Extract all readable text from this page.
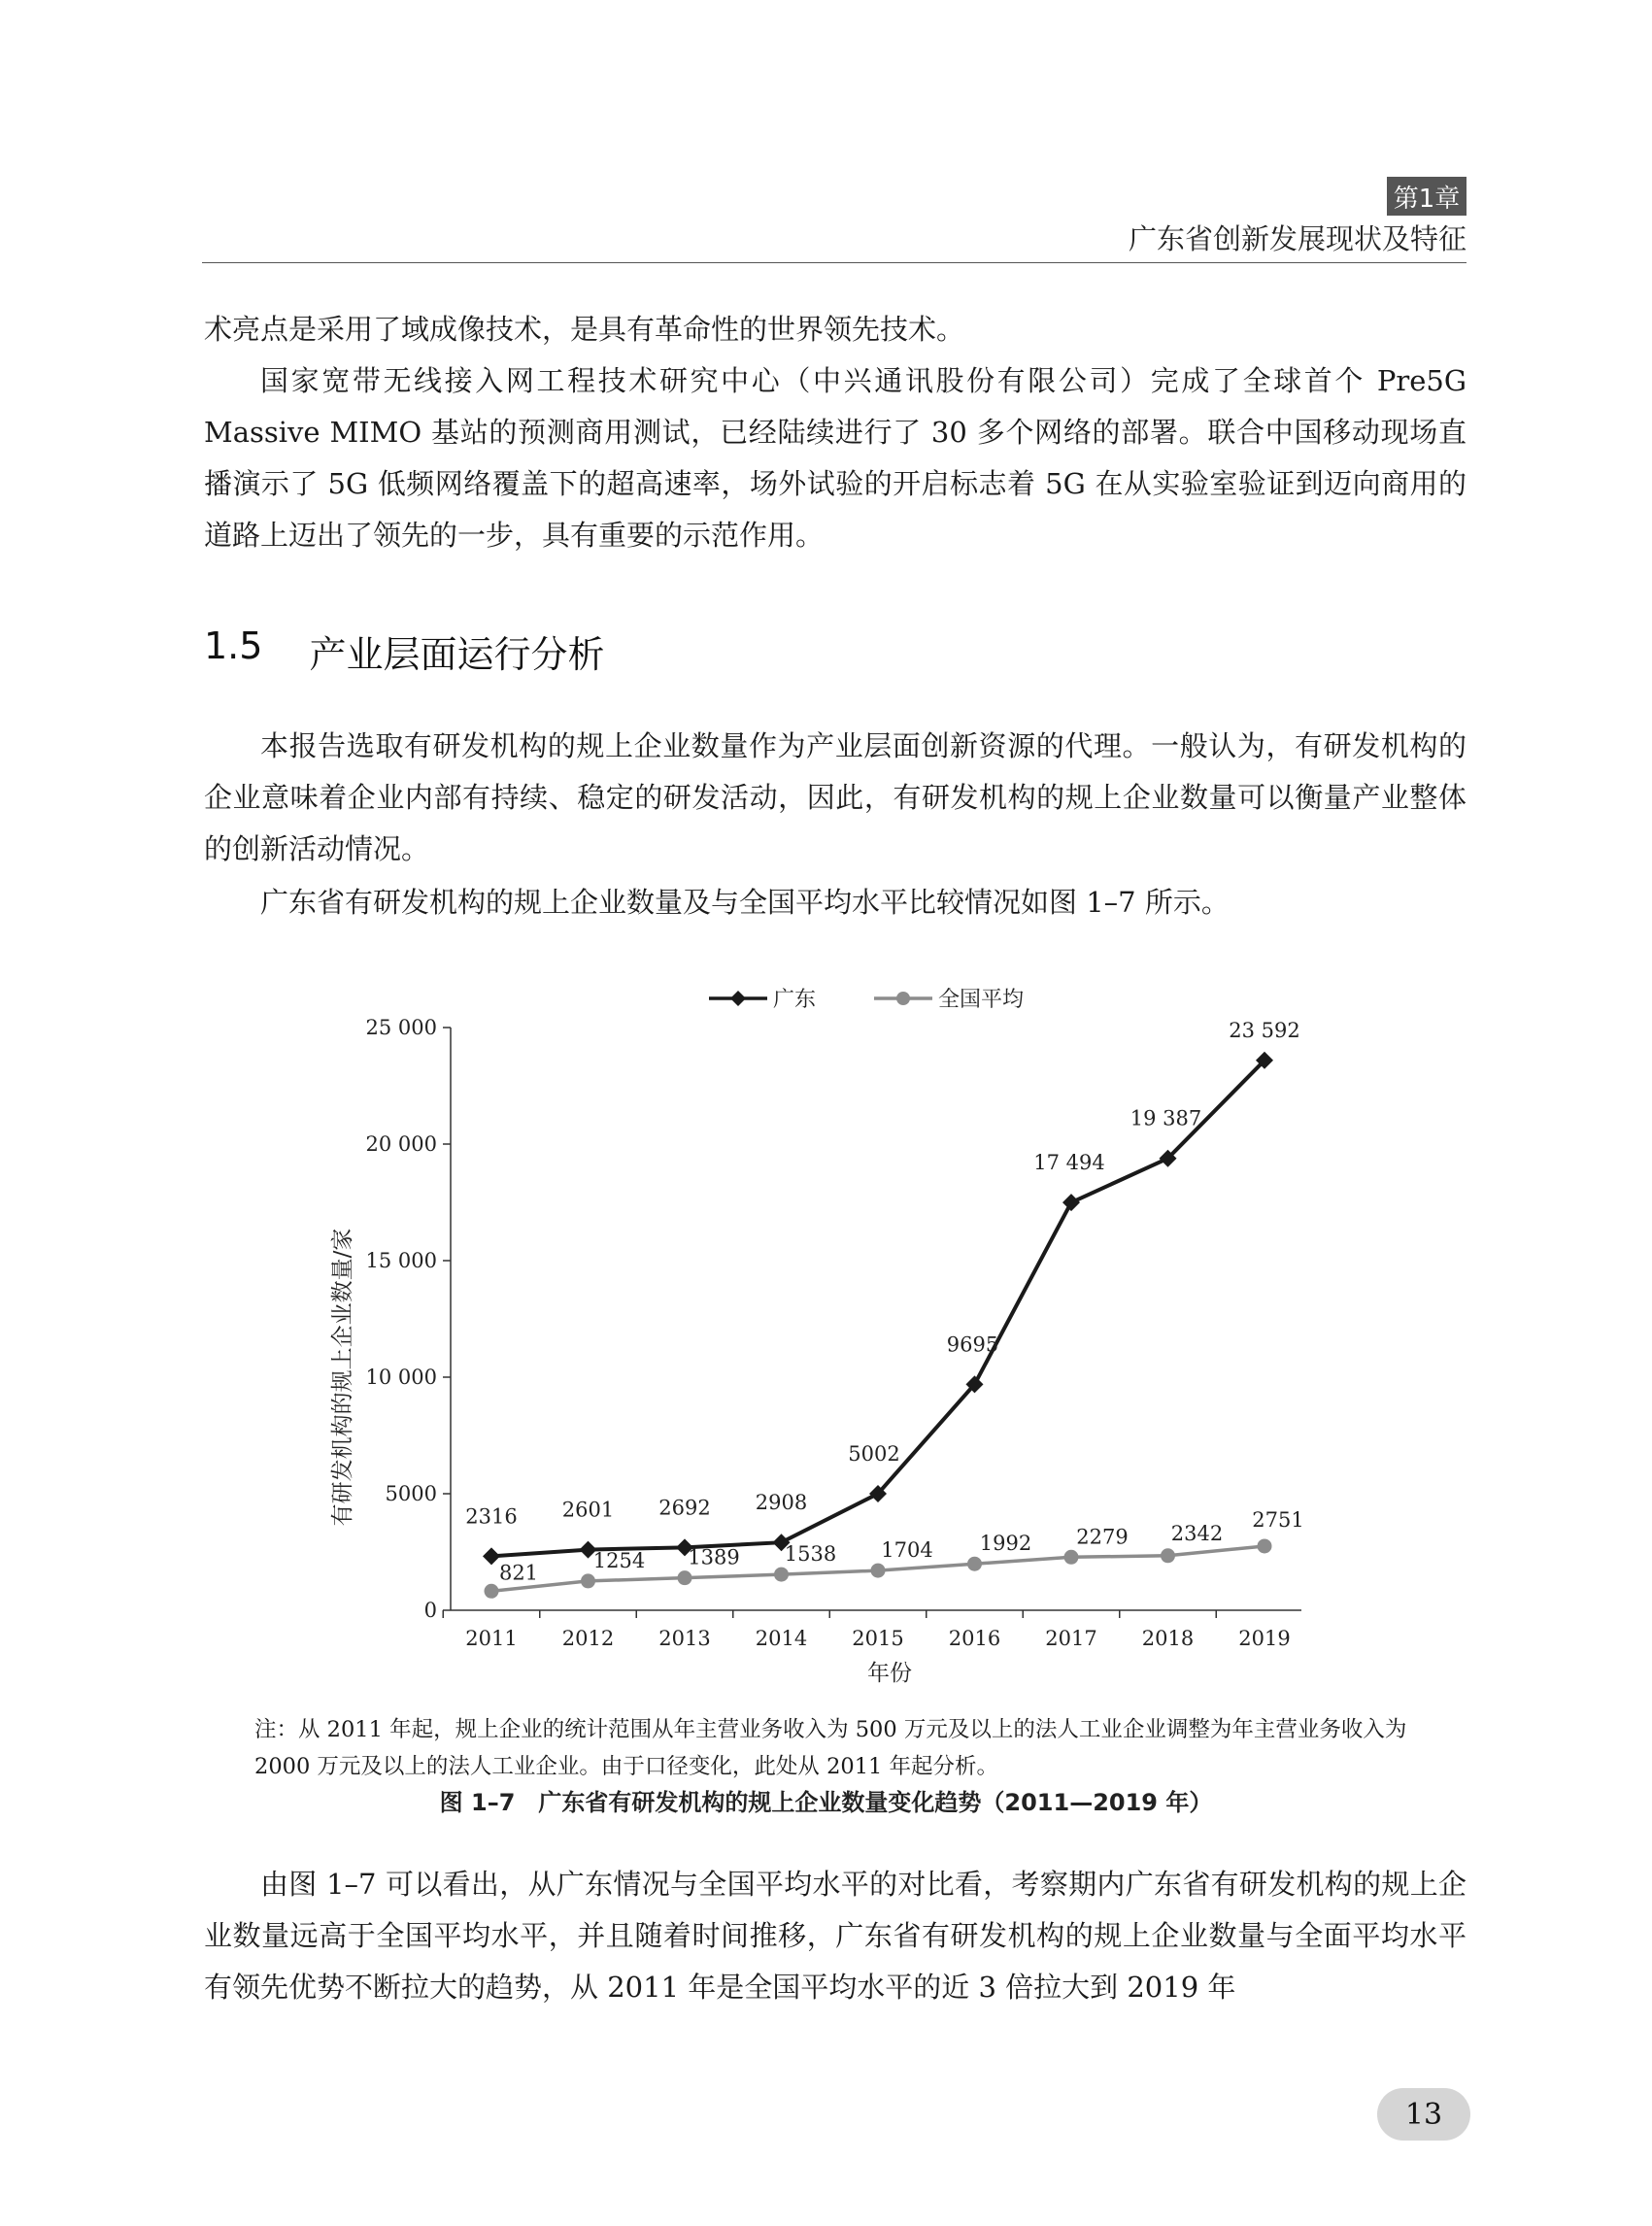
第1章
广东省创新发展现状及特征

术亮点是采用了域成像技术，是具有革命性的世界领先技术。

国家宽带无线接入网工程技术研究中心（中兴通讯股份有限公司）完成了全球首个 Pre5G Massive MIMO 基站的预测商用测试，已经陆续进行了 30 多个网络的部署。联合中国移动现场直播演示了 5G 低频网络覆盖下的超高速率，场外试验的开启标志着 5G 在从实验室验证到迈向商用的道路上迈出了领先的一步，具有重要的示范作用。

1.5 产业层面运行分析

本报告选取有研发机构的规上企业数量作为产业层面创新资源的代理。一般认为，有研发机构的企业意味着企业内部有持续、稳定的研发活动，因此，有研发机构的规上企业数量可以衡量产业整体的创新活动情况。

广东省有研发机构的规上企业数量及与全国平均水平比较情况如图 1–7 所示。

0
5000
10 000
15 000
20 000
25 000
2011 2012 2013 2014 2015 2016 2017 2018 2019
年份
有研发机构的规上企业数量/家	2316 2601 2692 2908
5002
9695
17 494
19 387
23 592
821
1254 1389 1538 1704 1992 2279 2342
2751
广东	全国平均

注：从 2011 年起，规上企业的统计范围从年主营业务收入为 500 万元及以上的法人工业企业调整为年主营业务收入为 2000 万元及以上的法人工业企业。由于口径变化，此处从 2011 年起分析。

图 1–7　广东省有研发机构的规上企业数量变化趋势（2011—2019 年）

由图 1–7 可以看出，从广东情况与全国平均水平的对比看，考察期内广东省有研发机构的规上企业数量远高于全国平均水平，并且随着时间推移，广东省有研发机构的规上企业数量与全面平均水平有领先优势不断拉大的趋势，从 2011 年是全国平均水平的近 3 倍拉大到 2019 年

13
